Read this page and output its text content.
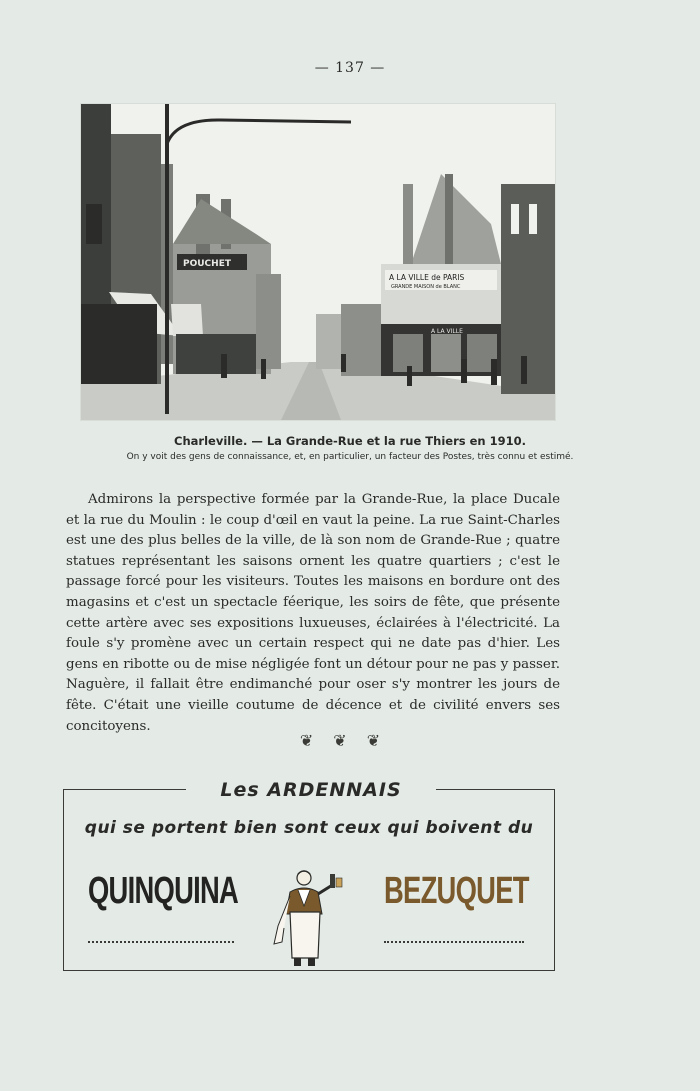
— 137 —
POUCHET
A LA VILLE de PARIS
GRANDE MAISON de BLANC
A LA VILLE
Charleville. — La Grande-Rue et la rue Thiers en 1910.
On y voit des gens de connaissance, et, en particulier, un facteur des Postes, très connu et estimé.

Admirons la perspective formée par la Grande-Rue, la place Ducale et la rue du Moulin : le coup d'œil en vaut la peine. La rue Saint-Charles est une des plus belles de la ville, de là son nom de Grande-Rue ; quatre statues représentant les saisons ornent les quatre quartiers ; c'est le passage forcé pour les visiteurs. Toutes les maisons en bordure ont des magasins et c'est un spectacle féerique, les soirs de fête, que présente cette artère avec ses expositions luxueuses, éclairées à l'électricité. La foule s'y promène avec un certain respect qui ne date pas d'hier. Les gens en ribotte ou de mise négligée font un détour pour ne pas y passer. Naguère, il fallait être endimanché pour oser s'y montrer les jours de fête. C'était une vieille coutume de décence et de civilité envers ses concitoyens.

❦❦❦
Les ARDENNAIS
qui se portent bien sont ceux qui boivent du
QUINQUINA	BEZUQUET
